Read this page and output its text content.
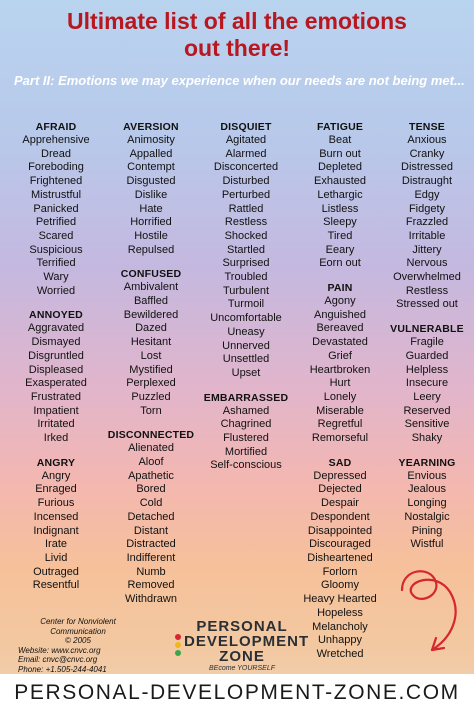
Ultimate list of all the emotions
out there!
Part II: Emotions we may experience when our needs are not being met...
AFRAID
Apprehensive
Dread
Foreboding
Frightened
Mistrustful
Panicked
Petrified
Scared
Suspicious
Terrified
Wary
Worried
ANNOYED
Aggravated
Dismayed
Disgruntled
Displeased
Exasperated
Frustrated
Impatient
Irritated
Irked
ANGRY
Angry
Enraged
Furious
Incensed
Indignant
Irate
Livid
Outraged
Resentful
AVERSION
Animosity
Appalled
Contempt
Disgusted
Dislike
Hate
Horrified
Hostile
Repulsed
CONFUSED
Ambivalent
Baffled
Bewildered
Dazed
Hesitant
Lost
Mystified
Perplexed
Puzzled
Torn
DISCONNECTED
Alienated
Aloof
Apathetic
Bored
Cold
Detached
Distant
Distracted
Indifferent
Numb
Removed
Withdrawn
DISQUIET
Agitated
Alarmed
Disconcerted
Disturbed
Perturbed
Rattled
Restless
Shocked
Startled
Surprised
Troubled
Turbulent
Turmoil
Uncomfortable
Uneasy
Unnerved
Unsettled
Upset
EMBARRASSED
Ashamed
Chagrined
Flustered
Mortified
Self-conscious
FATIGUE
Beat
Burn out
Depleted
Exhausted
Lethargic
Listless
Sleepy
Tired
Eeary
Eorn out
PAIN
Agony
Anguished
Bereaved
Devastated
Grief
Heartbroken
Hurt
Lonely
Miserable
Regretful
Remorseful
SAD
Depressed
Dejected
Despair
Despondent
Disappointed
Discouraged
Disheartened
Forlorn
Gloomy
Heavy Hearted
Hopeless
Melancholy
Unhappy
Wretched
TENSE
Anxious
Cranky
Distressed
Distraught
Edgy
Fidgety
Frazzled
Irritable
Jittery
Nervous
Overwhelmed
Restless
Stressed out
VULNERABLE
Fragile
Guarded
Helpless
Insecure
Leery
Reserved
Sensitive
Shaky
YEARNING
Envious
Jealous
Longing
Nostalgic
Pining
Wistful
Center for Nonviolent
Communication
© 2005
Website: www.cnvc.org
Email: cnvc@cnvc.org
Phone: +1.505-244-4041
PERSONAL
DEVELOPMENT
ZONE
BEcome YOURSELF
PERSONAL-DEVELOPMENT-ZONE.COM
